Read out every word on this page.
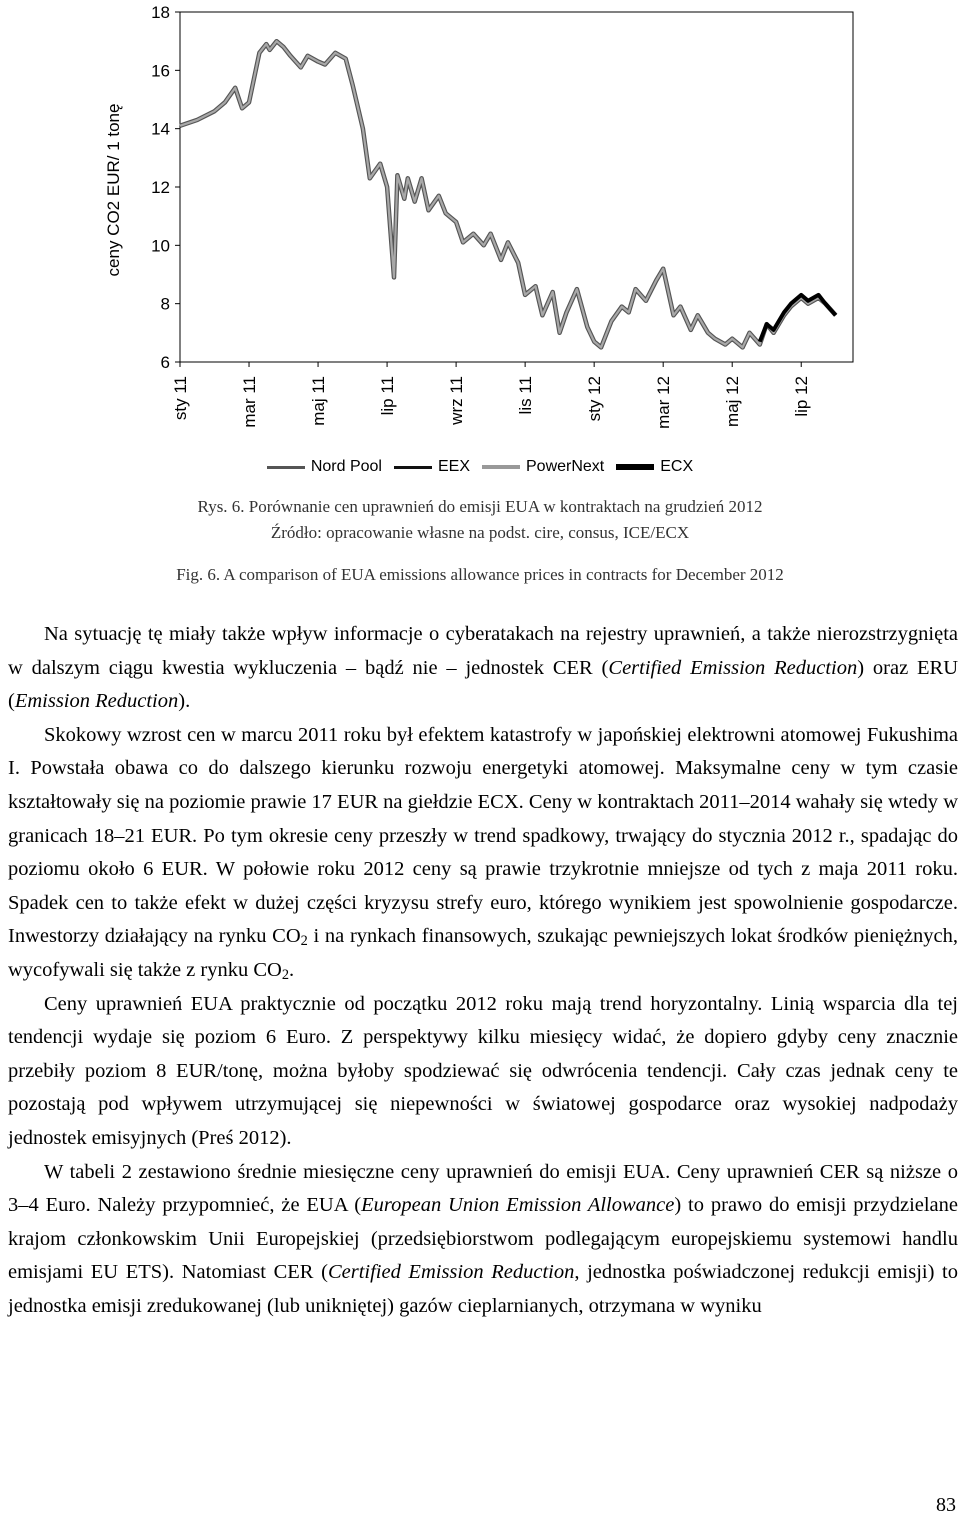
6
8
10
12
14
16
18
sty 11	mar 11	maj 11	lip 11	wrz 11	lis 11	sty 12	mar 12	maj 12	lip 12
ceny CO2 EUR/ 1 tonę
Nord Pool	EEX	PowerNext	ECX
Rys. 6. Porównanie cen uprawnień do emisji EUA w kontraktach na grudzień 2012
Źródło: opracowanie własne na podst. cire, consus, ICE/ECX
Fig. 6. A comparison of EUA emissions allowance prices in contracts for December 2012

Na sytuację tę miały także wpływ informacje o cyberatakach na rejestry uprawnień, a także nierozstrzygnięta w dalszym ciągu kwestia wykluczenia – bądź nie – jednostek CER (Certified Emission Reduction) oraz ERU (Emission Reduction).

Skokowy wzrost cen w marcu 2011 roku był efektem katastrofy w japońskiej elektrowni atomowej Fukushima I. Powstała obawa co do dalszego kierunku rozwoju energetyki atomowej. Maksymalne ceny w tym czasie kształtowały się na poziomie prawie 17 EUR na giełdzie ECX. Ceny w kontraktach 2011–2014 wahały się wtedy w granicach 18–21 EUR. Po tym okresie ceny przeszły w trend spadkowy, trwający do stycznia 2012 r., spadając do poziomu około 6 EUR. W połowie roku 2012 ceny są prawie trzykrotnie mniejsze od tych z maja 2011 roku. Spadek cen to także efekt w dużej części kryzysu strefy euro, którego wynikiem jest spowolnienie gospodarcze. Inwestorzy działający na rynku $CO_2$ i na rynkach finansowych, szukając pewniejszych lokat środków pieniężnych, wycofywali się także z rynku $CO_2$.

Ceny uprawnień EUA praktycznie od początku 2012 roku mają trend horyzontalny. Linią wsparcia dla tej tendencji wydaje się poziom 6 Euro. Z perspektywy kilku miesięcy widać, że dopiero gdyby ceny znacznie przebiły poziom 8 EUR/tonę, można byłoby spodziewać się odwrócenia tendencji. Cały czas jednak ceny te pozostają pod wpływem utrzymującej się niepewności w światowej gospodarce oraz wysokiej nadpodaży jednostek emisyjnych (Preś 2012).

W tabeli 2 zestawiono średnie miesięczne ceny uprawnień do emisji EUA. Ceny uprawnień CER są niższe o 3–4 Euro. Należy przypomnieć, że EUA (European Union Emission Allowance) to prawo do emisji przydzielane krajom członkowskim Unii Europejskiej (przedsiębiorstwom podlegającym europejskiemu systemowi handlu emisjami EU ETS). Natomiast CER (Certified Emission Reduction, jednostka poświadczonej redukcji emisji) to jednostka emisji zredukowanej (lub unikniętej) gazów cieplarnianych, otrzymana w wyniku

83
